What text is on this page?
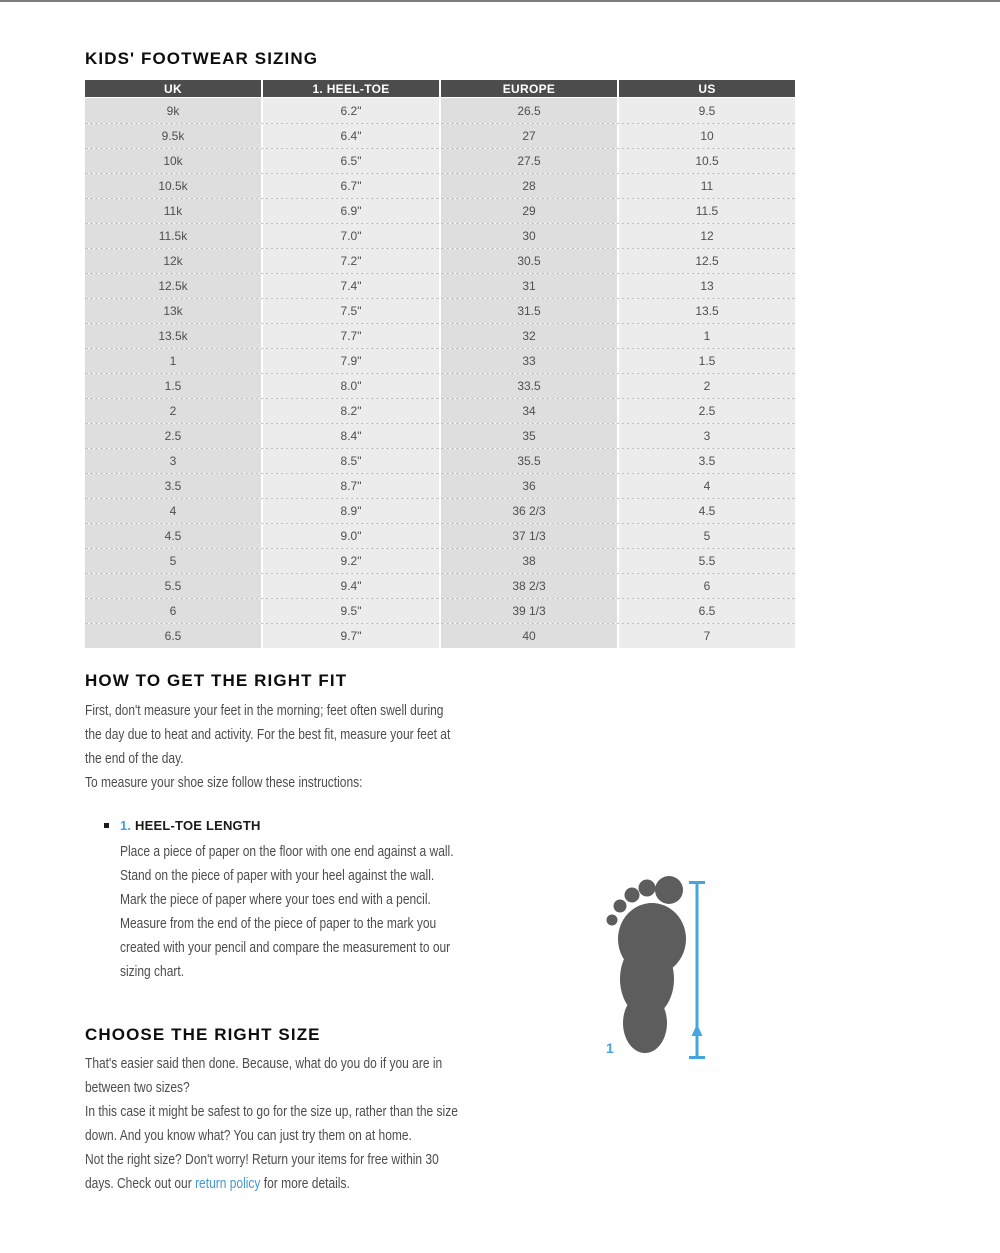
KIDS' FOOTWEAR SIZING
UK	1. HEEL-TOE	EUROPE	US
9k	6.2"	26.5	9.5
9.5k	6.4"	27	10
10k	6.5"	27.5	10.5
10.5k	6.7"	28	11
11k	6.9"	29	11.5
11.5k	7.0"	30	12
12k	7.2"	30.5	12.5
12.5k	7.4"	31	13
13k	7.5"	31.5	13.5
13.5k	7.7"	32	1
1	7.9"	33	1.5
1.5	8.0"	33.5	2
2	8.2"	34	2.5
2.5	8.4"	35	3
3	8.5"	35.5	3.5
3.5	8.7"	36	4
4	8.9"	36 2/3	4.5
4.5	9.0"	37 1/3	5
5	9.2"	38	5.5
5.5	9.4"	38 2/3	6
6	9.5"	39 1/3	6.5
6.5	9.7"	40	7
HOW TO GET THE RIGHT FIT
First, don't measure your feet in the morning; feet often swell during
the day due to heat and activity. For the best fit, measure your feet at
the end of the day.
To measure your shoe size follow these instructions:
1. HEEL-TOE LENGTH
Place a piece of paper on the floor with one end against a wall.
Stand on the piece of paper with your heel against the wall.
Mark the piece of paper where your toes end with a pencil.
Measure from the end of the piece of paper to the mark you
created with your pencil and compare the measurement to our
sizing chart.
1
CHOOSE THE RIGHT SIZE
That's easier said then done. Because, what do you do if you are in
between two sizes?
In this case it might be safest to go for the size up, rather than the size
down. And you know what? You can just try them on at home.
Not the right size? Don't worry! Return your items for free within 30
days. Check out our return policy for more details.
